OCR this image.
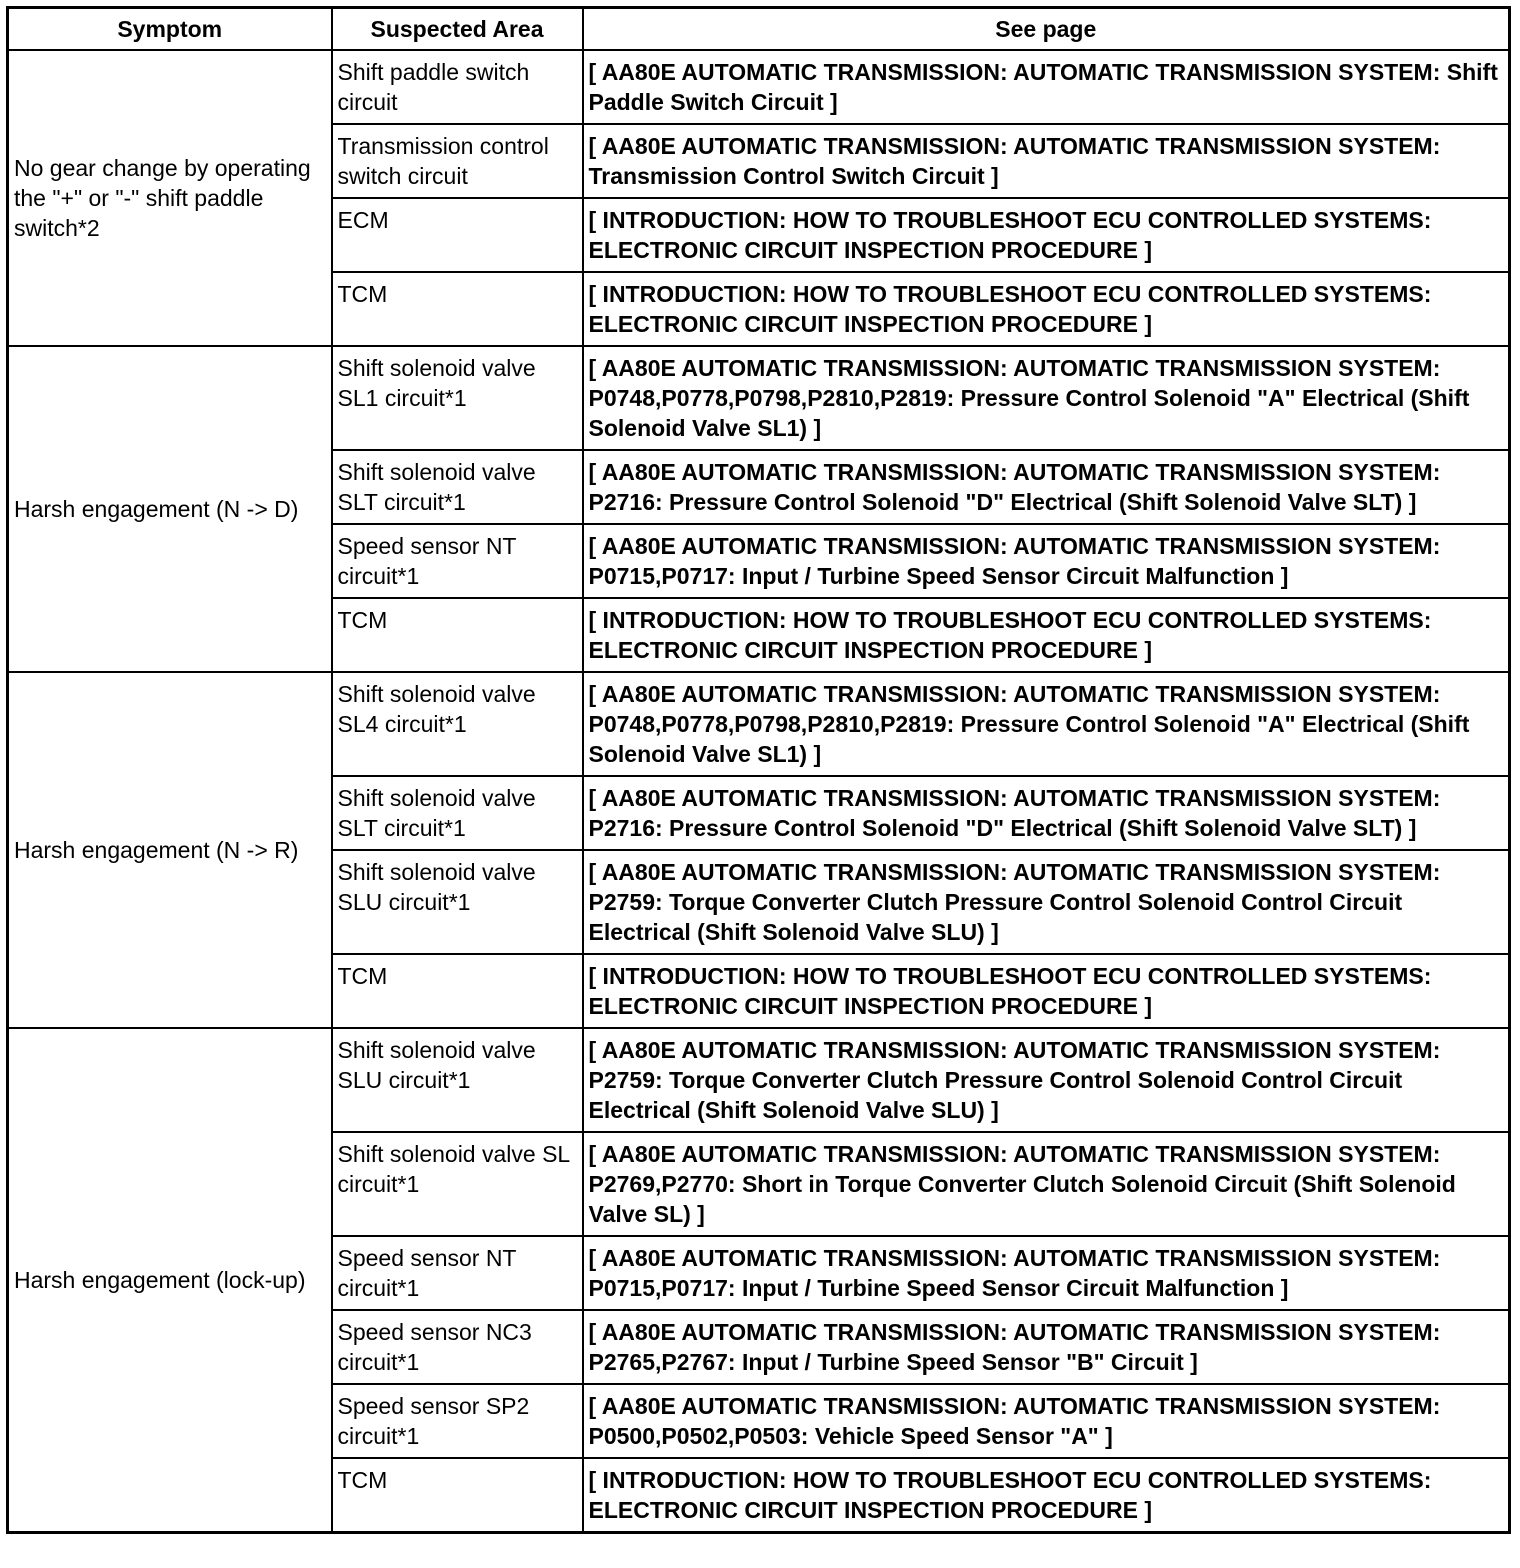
Symptom	Suspected Area	See page
No gear change by operating the "+" or "-" shift paddle switch*2	Shift paddle switch circuit	[ AA80E AUTOMATIC TRANSMISSION: AUTOMATIC TRANSMISSION SYSTEM: Shift Paddle Switch Circuit ]
	Transmission control switch circuit	[ AA80E AUTOMATIC TRANSMISSION: AUTOMATIC TRANSMISSION SYSTEM: Transmission Control Switch Circuit ]
	ECM	[ INTRODUCTION: HOW TO TROUBLESHOOT ECU CONTROLLED SYSTEMS: ELECTRONIC CIRCUIT INSPECTION PROCEDURE ]
	TCM	[ INTRODUCTION: HOW TO TROUBLESHOOT ECU CONTROLLED SYSTEMS: ELECTRONIC CIRCUIT INSPECTION PROCEDURE ]
Harsh engagement (N -> D)	Shift solenoid valve SL1 circuit*1	[ AA80E AUTOMATIC TRANSMISSION: AUTOMATIC TRANSMISSION SYSTEM: P0748,P0778,P0798,P2810,P2819: Pressure Control Solenoid "A" Electrical (Shift Solenoid Valve SL1) ]
	Shift solenoid valve SLT circuit*1	[ AA80E AUTOMATIC TRANSMISSION: AUTOMATIC TRANSMISSION SYSTEM: P2716: Pressure Control Solenoid "D" Electrical (Shift Solenoid Valve SLT) ]
	Speed sensor NT circuit*1	[ AA80E AUTOMATIC TRANSMISSION: AUTOMATIC TRANSMISSION SYSTEM: P0715,P0717: Input / Turbine Speed Sensor Circuit Malfunction ]
	TCM	[ INTRODUCTION: HOW TO TROUBLESHOOT ECU CONTROLLED SYSTEMS: ELECTRONIC CIRCUIT INSPECTION PROCEDURE ]
Harsh engagement (N -> R)	Shift solenoid valve SL4 circuit*1	[ AA80E AUTOMATIC TRANSMISSION: AUTOMATIC TRANSMISSION SYSTEM: P0748,P0778,P0798,P2810,P2819: Pressure Control Solenoid "A" Electrical (Shift Solenoid Valve SL1) ]
	Shift solenoid valve SLT circuit*1	[ AA80E AUTOMATIC TRANSMISSION: AUTOMATIC TRANSMISSION SYSTEM: P2716: Pressure Control Solenoid "D" Electrical (Shift Solenoid Valve SLT) ]
	Shift solenoid valve SLU circuit*1	[ AA80E AUTOMATIC TRANSMISSION: AUTOMATIC TRANSMISSION SYSTEM: P2759: Torque Converter Clutch Pressure Control Solenoid Control Circuit Electrical (Shift Solenoid Valve SLU) ]
	TCM	[ INTRODUCTION: HOW TO TROUBLESHOOT ECU CONTROLLED SYSTEMS: ELECTRONIC CIRCUIT INSPECTION PROCEDURE ]
Harsh engagement (lock-up)	Shift solenoid valve SLU circuit*1	[ AA80E AUTOMATIC TRANSMISSION: AUTOMATIC TRANSMISSION SYSTEM: P2759: Torque Converter Clutch Pressure Control Solenoid Control Circuit Electrical (Shift Solenoid Valve SLU) ]
	Shift solenoid valve SL circuit*1	[ AA80E AUTOMATIC TRANSMISSION: AUTOMATIC TRANSMISSION SYSTEM: P2769,P2770: Short in Torque Converter Clutch Solenoid Circuit (Shift Solenoid Valve SL) ]
	Speed sensor NT circuit*1	[ AA80E AUTOMATIC TRANSMISSION: AUTOMATIC TRANSMISSION SYSTEM: P0715,P0717: Input / Turbine Speed Sensor Circuit Malfunction ]
	Speed sensor NC3 circuit*1	[ AA80E AUTOMATIC TRANSMISSION: AUTOMATIC TRANSMISSION SYSTEM: P2765,P2767: Input / Turbine Speed Sensor "B" Circuit ]
	Speed sensor SP2 circuit*1	[ AA80E AUTOMATIC TRANSMISSION: AUTOMATIC TRANSMISSION SYSTEM: P0500,P0502,P0503: Vehicle Speed Sensor "A" ]
	TCM	[ INTRODUCTION: HOW TO TROUBLESHOOT ECU CONTROLLED SYSTEMS: ELECTRONIC CIRCUIT INSPECTION PROCEDURE ]
